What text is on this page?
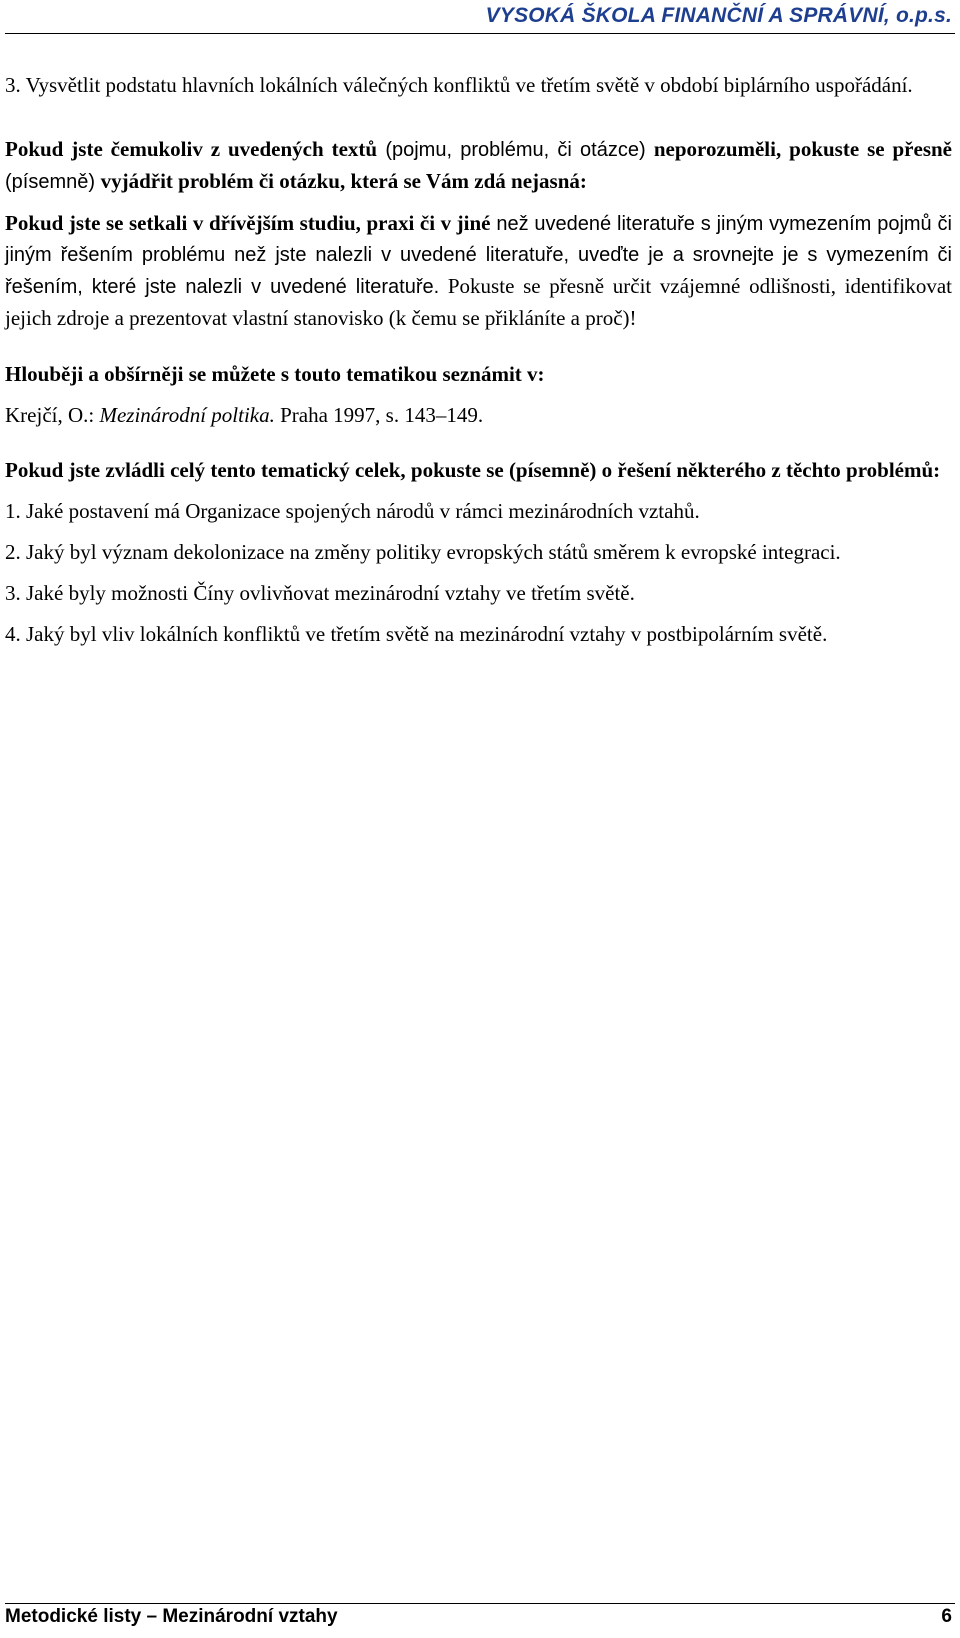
VYSOKÁ ŠKOLA FINANČNÍ A SPRÁVNÍ, o.p.s.

3. Vysvětlit podstatu hlavních lokálních válečných konfliktů ve třetím světě v období biplárního uspořádání.

Pokud jste čemukoliv z uvedených textů (pojmu, problému, či otázce) neporozuměli, pokuste se přesně (písemně) vyjádřit problém či otázku, která se Vám zdá nejasná:

Pokud jste se setkali v dřívějším studiu, praxi či v jiné než uvedené literatuře s jiným vymezením pojmů či jiným řešením problému než jste nalezli v uvedené literatuře, uveďte je a srovnejte je s vymezením či řešením, které jste nalezli v uvedené literatuře. Pokuste se přesně určit vzájemné odlišnosti, identifikovat jejich zdroje a prezentovat vlastní stanovisko (k čemu se přikláníte a proč)!

Hlouběji a obšírněji se můžete s touto tematikou seznámit v:

Krejčí, O.: Mezinárodní poltika. Praha 1997, s. 143–149.

Pokud jste zvládli celý tento tematický celek, pokuste se (písemně) o řešení některého z těchto problémů:

1. Jaké postavení má Organizace spojených národů v rámci mezinárodních vztahů.

2. Jaký byl význam dekolonizace na změny politiky evropských států směrem k evropské integraci.

3. Jaké byly možnosti Číny ovlivňovat mezinárodní vztahy ve třetím světě.

4. Jaký byl vliv lokálních konfliktů ve třetím světě na mezinárodní vztahy v postbipolárním světě.

Metodické listy – Mezinárodní vztahy	6
